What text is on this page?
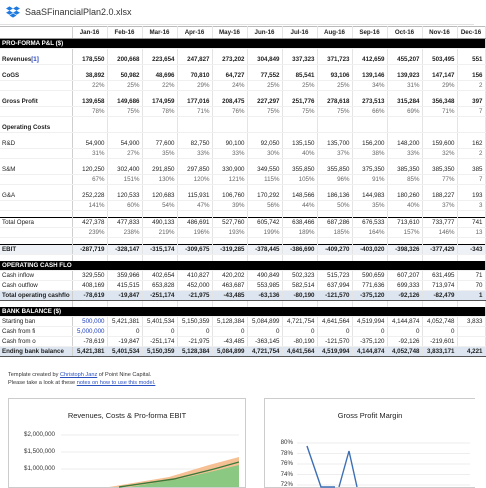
SaaSFinancialPlan2.0.xlsx
	Jan-16	Feb-16	Mar-16	Apr-16	May-16	Jun-16	Jul-16	Aug-16	Sep-16	Oct-16	Nov-16	Dec-16
PRO-FORMA P&L ($)												

Revenues[1]	178,550	200,668	223,654	247,827	273,202	304,849	337,323	371,723	412,659	455,207	503,495	551

CoGS	38,892	50,982	48,696	70,810	64,727	77,552	85,541	93,106	139,146	139,923	147,147	156
	22%	25%	22%	29%	24%	25%	25%	25%	34%	31%	29%	2

Gross Profit	139,658	149,686	174,959	177,016	208,475	227,297	251,776	278,618	273,513	315,284	356,348	397
	78%	75%	78%	71%	76%	75%	75%	75%	66%	69%	71%	7

Operating Costs												

R&D	54,900	54,900	77,600	82,750	90,100	92,050	135,150	135,700	156,200	148,200	159,600	162
	31%	27%	35%	33%	33%	30%	40%	37%	38%	33%	32%	2

S&M	120,250	302,400	291,850	297,850	330,900	349,550	355,850	355,850	375,350	385,350	385,350	385
	67%	151%	130%	120%	121%	115%	105%	96%	91%	85%	77%	7

G&A	252,228	120,533	120,683	115,931	106,760	170,292	148,566	186,136	144,983	180,260	188,227	193
	141%	60%	54%	47%	39%	56%	44%	50%	35%	40%	37%	3

Total Opera	427,378	477,833	490,133	486,691	527,760	605,742	638,466	687,286	676,533	713,610	733,777	741
	239%	238%	219%	196%	193%	199%	189%	185%	164%	157%	146%	13

EBIT	-287,719	-328,147	-315,174	-309,675	-319,285	-378,445	-386,690	-409,270	-403,020	-398,326	-377,429	-343

OPERATING CASH FLO												
Cash inflow	329,550	359,966	402,654	410,827	420,202	490,849	502,323	515,723	590,659	607,207	631,495	71
Cash outflow	408,169	415,515	653,828	452,000	463,687	553,985	582,514	637,994	771,636	699,333	713,974	70
Total operating cashflo	-78,619	-19,847	-251,174	-21,975	-43,485	-63,136	-80,190	-121,570	-375,120	-92,126	-82,479	1

BANK BALANCE ($)												
Starting ban	500,000	5,421,381	5,401,534	5,150,359	5,128,384	5,084,899	4,721,754	4,641,564	4,519,994	4,144,874	4,052,748	3,833
Cash from fi	5,000,000	0	0	0	0	0	0	0	0	0	0	
Cash from o	-78,619	-19,847	-251,174	-21,975	-43,485	-363,145	-80,190	-121,570	-375,120	-92,126	-219,601	
Ending bank balance	5,421,381	5,401,534	5,150,359	5,128,384	5,084,899	4,721,754	4,641,564	4,519,994	4,144,874	4,052,748	3,833,171	4,221
Template created by Christoph Janz of Point Nine Capital.
Please take a look at these notes on how to use this model.
Revenues, Costs & Pro-forma EBIT
$2,000,000
$1,500,000
$1,000,000
Gross Profit Margin
80%
78%
76%
74%
72%
